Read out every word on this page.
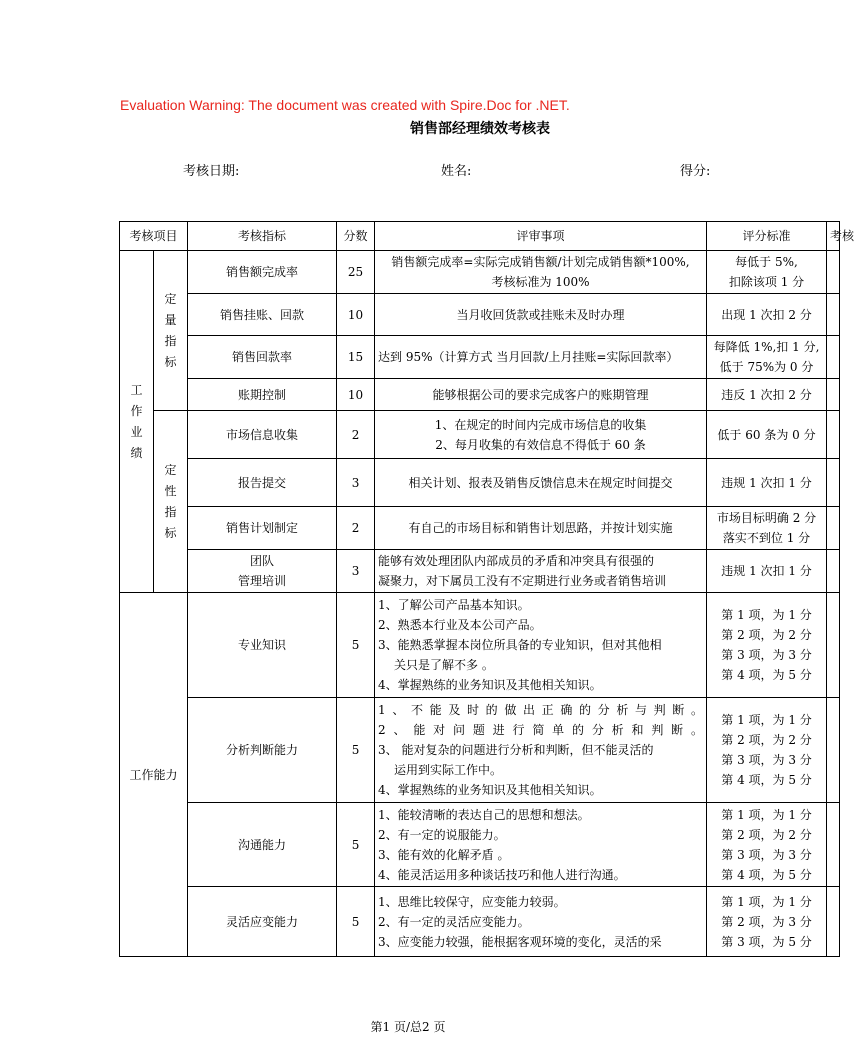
Evaluation Warning: The document was created with Spire.Doc for .NET.
销售部经理绩效考核表
考核日期:	姓名:	得分:
考核项目		考核指标	分数	评审事项	评分标准	考核

工作业绩	定量指标	销售额完成率	25	销售额完成率=实际完成销售额/计划完成销售额*100%,
考核标准为 100%	每低于 5%,
扣除该项 1 分	

		销售挂账、回款	10	当月收回货款或挂账未及时办理	出现 1 次扣 2 分	

		销售回款率	15	达到 95%（计算方式 当月回款/上月挂账=实际回款率）	每降低 1%,扣 1 分,
低于 75%为 0 分	

		账期控制	10	能够根据公司的要求完成客户的账期管理	违反 1 次扣 2 分	

	定性指标	市场信息收集	2	1、在规定的时间内完成市场信息的收集
2、每月收集的有效信息不得低于 60 条	低于 60 条为 0 分	

		报告提交	3	相关计划、报表及销售反馈信息未在规定时间提交	违规 1 次扣 1 分	

		销售计划制定	2	有自己的市场目标和销售计划思路，并按计划实施	市场目标明确 2 分
落实不到位 1 分	

		团队
管理培训	3	能够有效处理团队内部成员的矛盾和冲突具有很强的
凝聚力，对下属员工没有不定期进行业务或者销售培训	违规 1 次扣 1 分	

工作能力		专业知识	5	1、了解公司产品基本知识。
2、熟悉本行业及本公司产品。
3、能熟悉掌握本岗位所具备的专业知识，但对其他相
关只是了解不多 。
4、掌握熟练的业务知识及其他相关知识。	第 1 项，为 1 分
第 2 项，为 2 分
第 3 项，为 3 分
第 4 项，为 5 分	

		分析判断能力	5	1、不能及时的做出正确的分析与判断。
2、能对问题进行简单的分析和判断。
3、 能对复杂的问题进行分析和判断，但不能灵活的
运用到实际工作中。
4、掌握熟练的业务知识及其他相关知识。	第 1 项，为 1 分
第 2 项，为 2 分
第 3 项，为 3 分
第 4 项，为 5 分	

		沟通能力	5	1、能较清晰的表达自己的思想和想法。
2、有一定的说服能力。
3、能有效的化解矛盾 。
4、能灵活运用多种谈话技巧和他人进行沟通。	第 1 项，为 1 分
第 2 项，为 2 分
第 3 项，为 3 分
第 4 项，为 5 分	

		灵活应变能力	5	1、思维比较保守，应变能力较弱。
2、有一定的灵活应变能力。
3、应变能力较强，能根据客观环境的变化，灵活的采	第 1 项，为 1 分
第 2 项，为 3 分
第 3 项，为 5 分	

第1 页/总2 页
